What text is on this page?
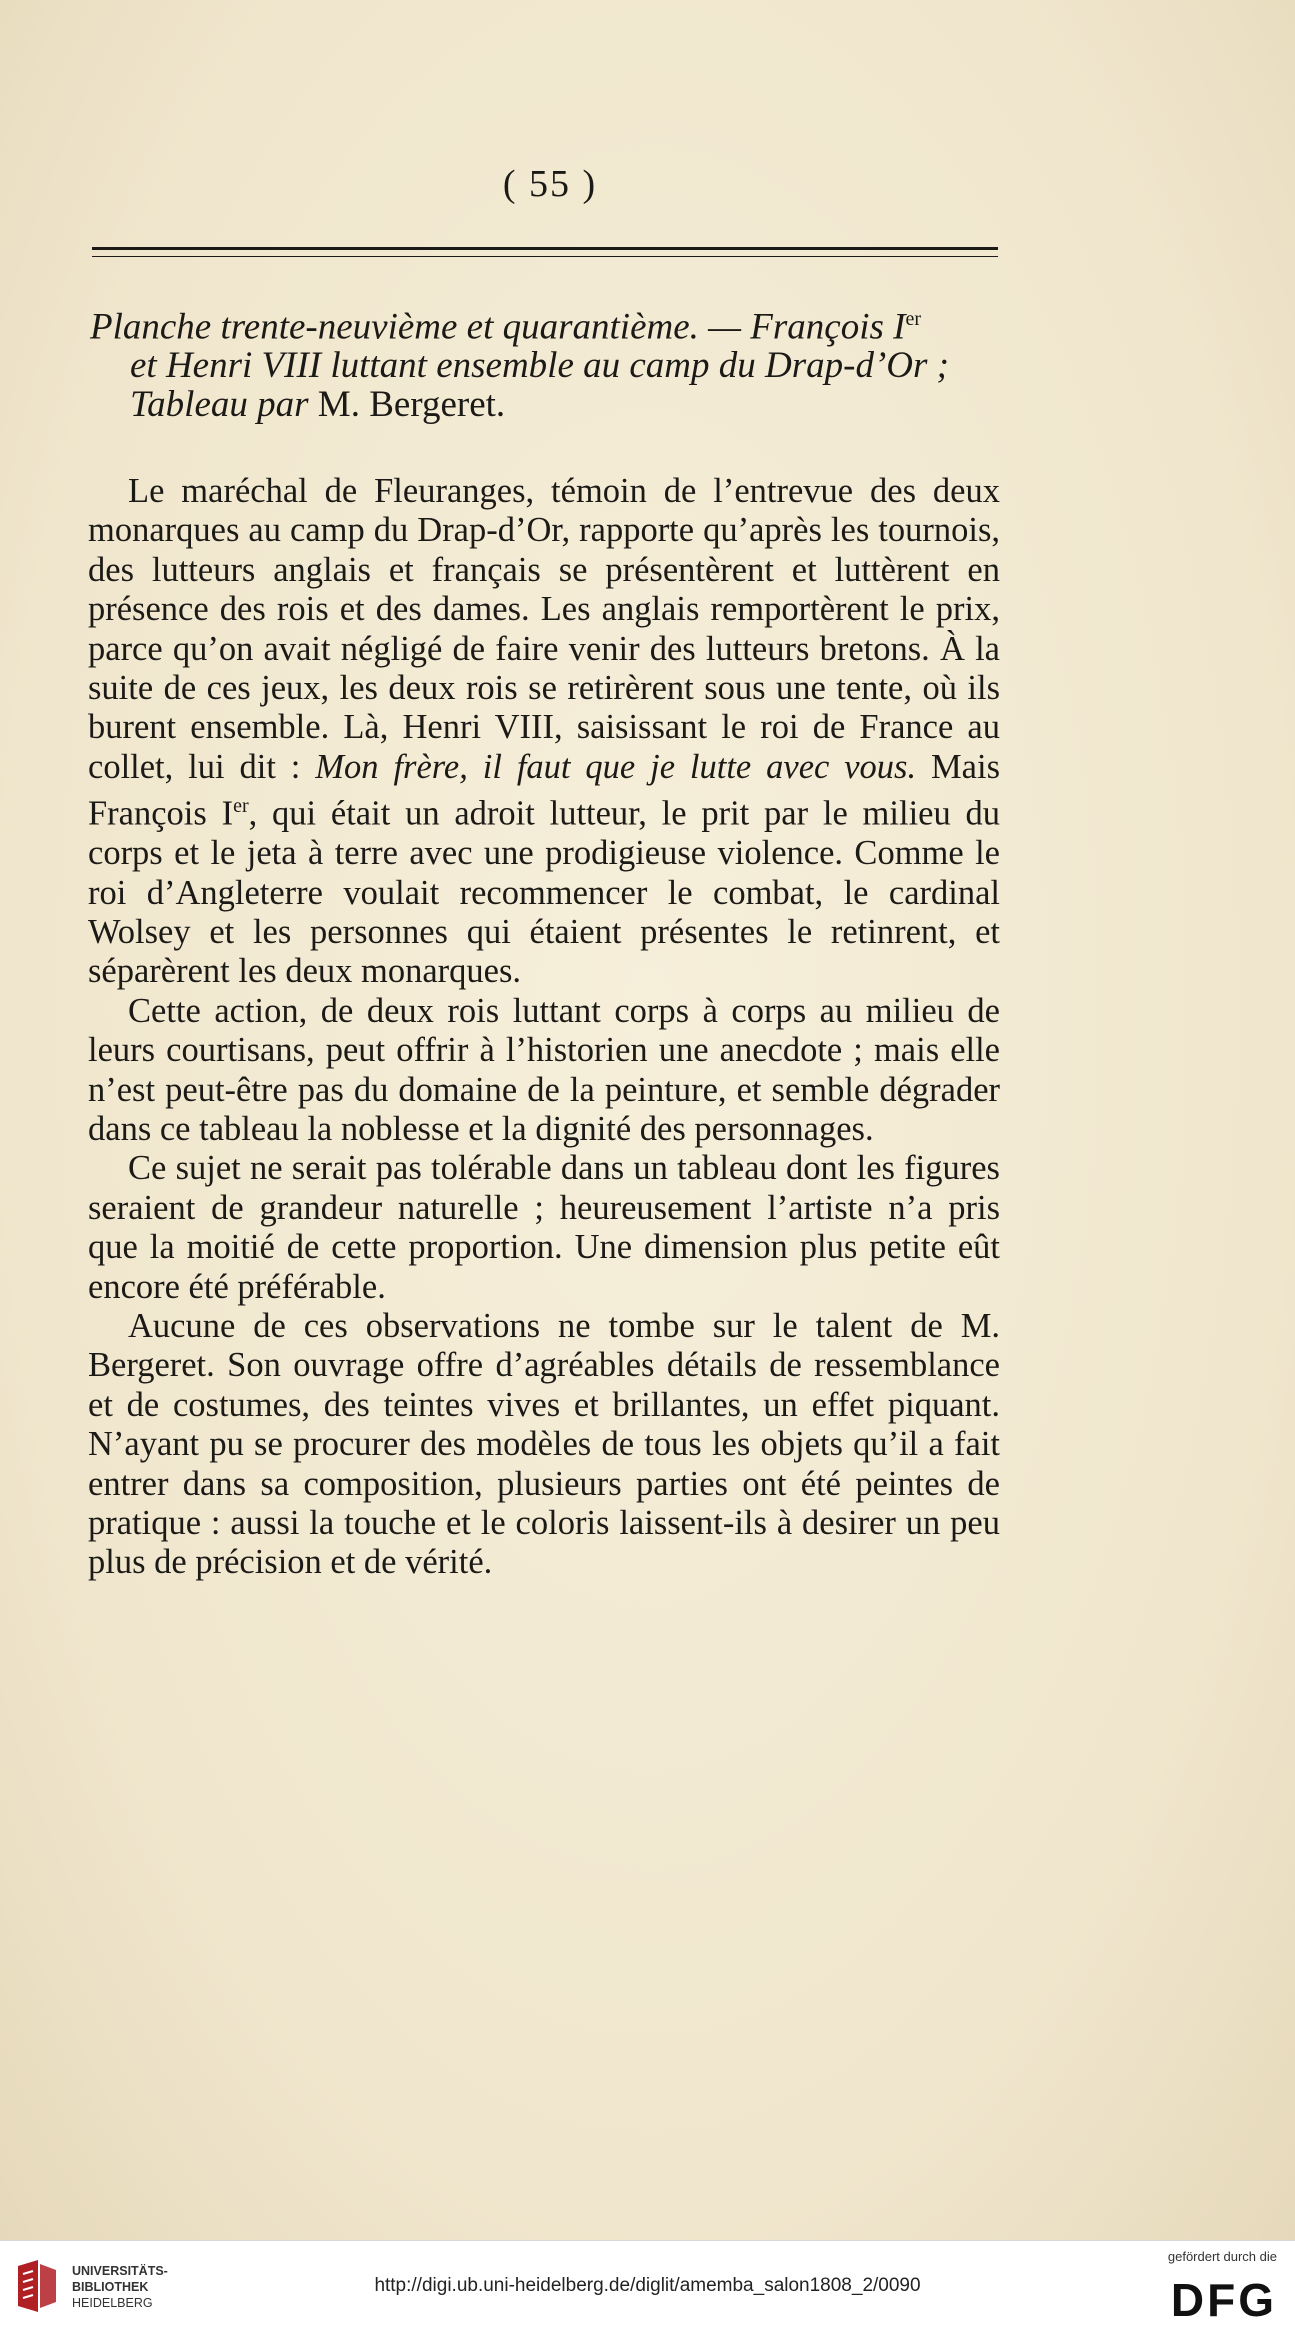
( 55 )
Planche trente-neuvième et quarantième. — François Ier
et Henri VIII luttant ensemble au camp du Drap-d’Or ;
Tableau par M. Bergeret.

Le maréchal de Fleuranges, témoin de l’entrevue des deux monarques au camp du Drap-d’Or, rapporte qu’après les tournois, des lutteurs anglais et français se présentèrent et luttèrent en présence des rois et des dames. Les anglais remportèrent le prix, parce qu’on avait négligé de faire venir des lutteurs bretons. À la suite de ces jeux, les deux rois se retirèrent sous une tente, où ils burent ensemble. Là, Henri VIII, saisissant le roi de France au collet, lui dit : Mon frère, il faut que je lutte avec vous. Mais François Ier, qui était un adroit lutteur, le prit par le milieu du corps et le jeta à terre avec une prodigieuse violence. Comme le roi d’Angleterre voulait recommencer le combat, le cardinal Wolsey et les personnes qui étaient présentes le retinrent, et séparèrent les deux monarques.

Cette action, de deux rois luttant corps à corps au milieu de leurs courtisans, peut offrir à l’historien une anecdote ; mais elle n’est peut-être pas du domaine de la peinture, et semble dégrader dans ce tableau la noblesse et la dignité des personnages.

Ce sujet ne serait pas tolérable dans un tableau dont les figures seraient de grandeur naturelle ; heureusement l’artiste n’a pris que la moitié de cette proportion. Une dimension plus petite eût encore été préférable.

Aucune de ces observations ne tombe sur le talent de M. Bergeret. Son ouvrage offre d’agréables détails de ressemblance et de costumes, des teintes vives et brillantes, un effet piquant. N’ayant pu se procurer des modèles de tous les objets qu’il a fait entrer dans sa composition, plusieurs parties ont été peintes de pratique : aussi la touche et le coloris laissent-ils à desirer un peu plus de précision et de vérité.

UNIVERSITÄTS-
BIBLIOTHEK
HEIDELBERG
http://digi.ub.uni-heidelberg.de/diglit/amemba_salon1808_2/0090
gefördert durch die
DFG
